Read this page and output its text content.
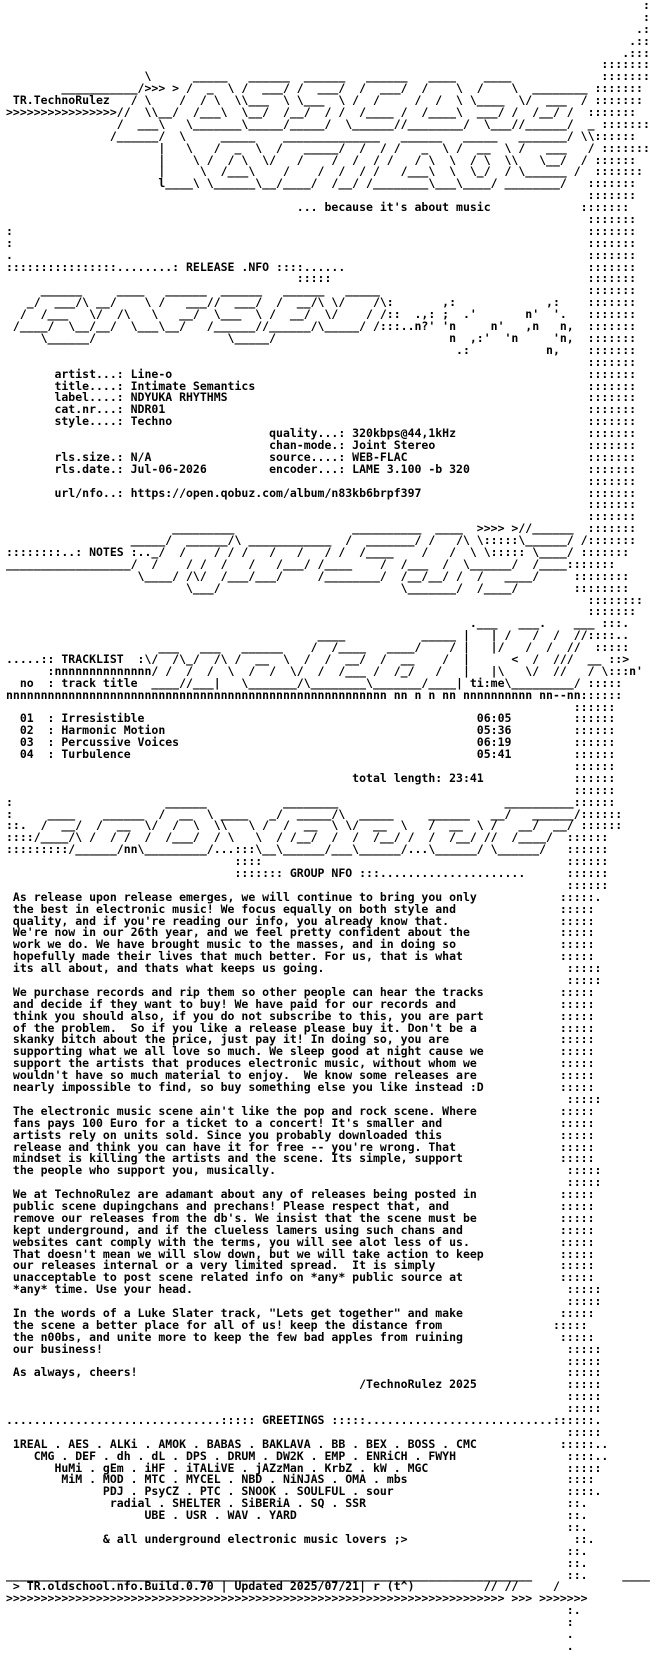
:
:
.:
.::
.:::
:::::::
\      _____   ______  ______   ______   ____    ____             :::::::
___________/>>> > /  _  \ /  ___/ /  ___/  /  ___/  /    \  /    \  ________ :::::::
TR.TechnoRulez   / \    /  / \  \\___  \ \___  \ /  /     /  /  \ \____  \/  ___  / :::::::
>>>>>>>>>>>>>>>>//  \\__/  /___\  \__/  /__/  / /  /____ /  /____\  ___/ /  /__/ /  :::::::
/  ___\   \_______\_____/_____/  \______//________/  \___//______/  _ :::::::
/______/  \     _____    ______________   ______   _____   _______/ \\::::::
|   \   /  _  \  /   _____/  /  / /   _  \ /  __  \ /   ___   / :::::::
|    \ /  / \  \/   /    /  /  / /   / \  \  / \  \\   \__/  / ::::::
|     \  /___\    /    /  /  / /   /___\  \  \_/  / \______ /  :::::::
l____\ \______\__/____/  /__/ /________\___\____/ ________/   :::::::
:::::::
... because it's about music             :::::::
:::::::
:                                                                                   :::::::
:                                                                                   :::::::
.                                                                                   :::::::
::::::::::::::::........: RELEASE .NFO ::::......                                   :::::::
:::::                                     :::::::
______     ____   ______  ______   ______   _____                              :::::::
_/  ___/\ __/    \ /   ___//  ___/  /  __/\ \/    /\:       ,:             ,:    :::::::
/  /___   \/  /\   \   __/  \___  \ /  __/  \/    / /::  .,: ;  .'       n'  '.   :::::::
/____/  \__/__/  \___\__/   /______//______/\_____/ /:::..n?' 'n     n'   ,n   n,  :::::::
\______/                   \_____/                         n  ,:'  'n     'n,  :::::::
.:           n,    :::::::
:::::::
artist...: Line-o                                                            :::::::
title....: Intimate Semantics                                                :::::::
label....: NDYUKA RHYTHMS                                                    :::::::
cat.nr...: NDR01                                                             :::::::
style....: Techno                                                            :::::::
quality...: 320kbps@44,1kHz                   :::::::
chan-mode.: Joint Stereo                      :::::::
rls.size.: N/A                 source....: WEB-FLAC                          :::::::
rls.date.: Jul-06-2026         encoder...: LAME 3.100 -b 320                 :::::::
:::::::
url/nfo..: https://open.qobuz.com/album/n83kb6brpf397                        :::::::
:::::::
:::::::
_________                 __________  ____  >>>> >//______  :::::::
_____/  ______/\ ____________  /  _______/ /   /\ \:::::\______/ /:::::::
::::::::..: NOTES :.._/  /    / / /   /   /   / /  /____    /   /  \ \::::: \____/ :::::::
__________________/  /    / /  /   /   /___/ /____    /  /___  /  \______/  /____:::::::
\____/ /\/  /___/___/     /________/  /__/__/ /  /   ____/     ::::::::
\___/                          \_______/  /____/        ::::::::
::::::::
:::::::
.___   ___.    ___ :::.
____           _____ |   | /   /  /  //::::..
___   ___   ______    /  /____   ____/    / |   |/   /  /  //  :::::
.....:: TRACKLIST  :\/  /\_/  /\ /  __  \  /  /  __/  /  __    /  |      <  /  ///  __ ::>
:nnnnnnnnnnnnnn/ /  /  /  \  /  /  \/  /  /___ /  /_/   /   |   |\   \/  //   / \:::n'
no  : track title  ____//___|   \_______/\________\_______/____| ti:me\_________/ :::::
nnnnnnnnnnnnnnnnnnnnnnnnnnnnnnnnnnnnnnnnnnnnnnnnnnnnnnn nn n n nn nnnnnnnnnn nn--nn::::::
::::::
01  : Irresistible                                                06:05         ::::::
02  : Harmonic Motion                                             05:36         ::::::
03  : Percussive Voices                                           06:19         ::::::
04  : Turbulence                                                  05:41         ::::::
::::::
total length: 23:41             ::::::
::::::
:                      ______           ________                        __________::::::
:     ____    ______  /  __  \ ____   _/  _____/\  _____     ______   __/   ______/::::::
::.  /  __/  /  __  \/  /  \  \\   \ /  /  __  \ \/  __  \   /  __  \ /   __/  __/ ::::::
::::/____/\ /  / /  /  /___/  / \   \  / /__/  /  /  /__/ /  /  /__/ //  /____/  ::::::
:::::::::/______/nn\_________/...:::\__\______/___\______/...\______/ \______/   ::::::
::::                                            ::::::
::::::: GROUP NFO :::.....................      ::::::
::::::
As release upon release emerges, we will continue to bring you only            :::::.
the best in electronic music! We focus equally on both style and               :::::
quality, and if you're reading our info, you already know that.                :::::
We're now in our 26th year, and we feel pretty confident about the             :::::
work we do. We have brought music to the masses, and in doing so               :::::
hopefully made their lives that much better. For us, that is what              :::::
its all about, and thats what keeps us going.                                   :::::
:::::
We purchase records and rip them so other people can hear the tracks           :::::
and decide if they want to buy! We have paid for our records and               :::::
think you should also, if you do not subscribe to this, you are part           :::::
of the problem.  So if you like a release please buy it. Don't be a            :::::
skanky bitch about the price, just pay it! In doing so, you are                :::::
supporting what we all love so much. We sleep good at night cause we           :::::
support the artists that produces electronic music, without whom we            :::::
wouldn't have so much material to enjoy.  We know some releases are            :::::
nearly impossible to find, so buy something else you like instead :D           :::::
:::::
The electronic music scene ain't like the pop and rock scene. Where            :::::
fans pays 100 Euro for a ticket to a concert! It's smaller and                 :::::
artists rely on units sold. Since you probably downloaded this                 :::::
release and think you can have it for free -- you're wrong. That               :::::
mindset is killing the artists and the scene. Its simple, support              :::::
the people who support you, musically.                                          :::::
:::::
We at TechnoRulez are adamant about any of releases being posted in            :::::
public scene dupingchans and prechans! Please respect that, and                :::::
remove our releases from the db's. We insist that the scene must be            :::::
kept underground, and if the clueless lamers using such chans and              :::::
websites cant comply with the terms, you will see alot less of us.             :::::
That doesn't mean we will slow down, but we will take action to keep           :::::
our releases internal or a very limited spread.  It is simply                  :::::
unacceptable to post scene related info on *any* public source at              :::::
*any* time. Use your head.                                                      :::::
:::::
In the words of a Luke Slater track, "Lets get together" and make              :::::
the scene a better place for all of us! keep the distance from                :::::
the n00bs, and unite more to keep the few bad apples from ruining              :::::
our business!                                                                   :::::
:::::
As always, cheers!                                                              :::::
/TechnoRulez 2025             :::::
:::::
:::::
...............................::::: GREETINGS :::::...........................::::::.
:::::
1REAL . AES . ALKi . AMOK . BABAS . BAKLAVA . BB . BEX . BOSS . CMC            :::::..
CMG . DEF . dh . dL . DPS . DRUM . DW2K . EMP . ENRiCH . FWYH                ::::..
HuMi . gEm . iHF . iTALiVE . jAZzMan . KrbZ . kW . MGC                    :::::
MiM . MOD . MTC . MYCEL . NBD . NiNJAS . OMA . mbs                       ::::
PDJ . PsyCZ . PTC . SNOOK . SOULFUL . sour                         ::::.
radial . SHELTER . SiBERiA . SQ . SSR                             ::.
UBE . USR . WAV . YARD                                       ::.
::.
& all underground electronic music lovers ;>                        ::.
::.
::.
____________________________________________________________________________     ::.     ____
> TR.oldschool.nfo.Build.0.70 | Updated 2025/07/21| r (t^)          // //     /
>>>>>>>>>>>>>>>>>>>>>>>>>>>>>>>>>>>>>>>>>>>>>>>>>>>>>>>>>>>>>>>>>>>>>>>> >>> >>>>>>>
:.
:
.
.
